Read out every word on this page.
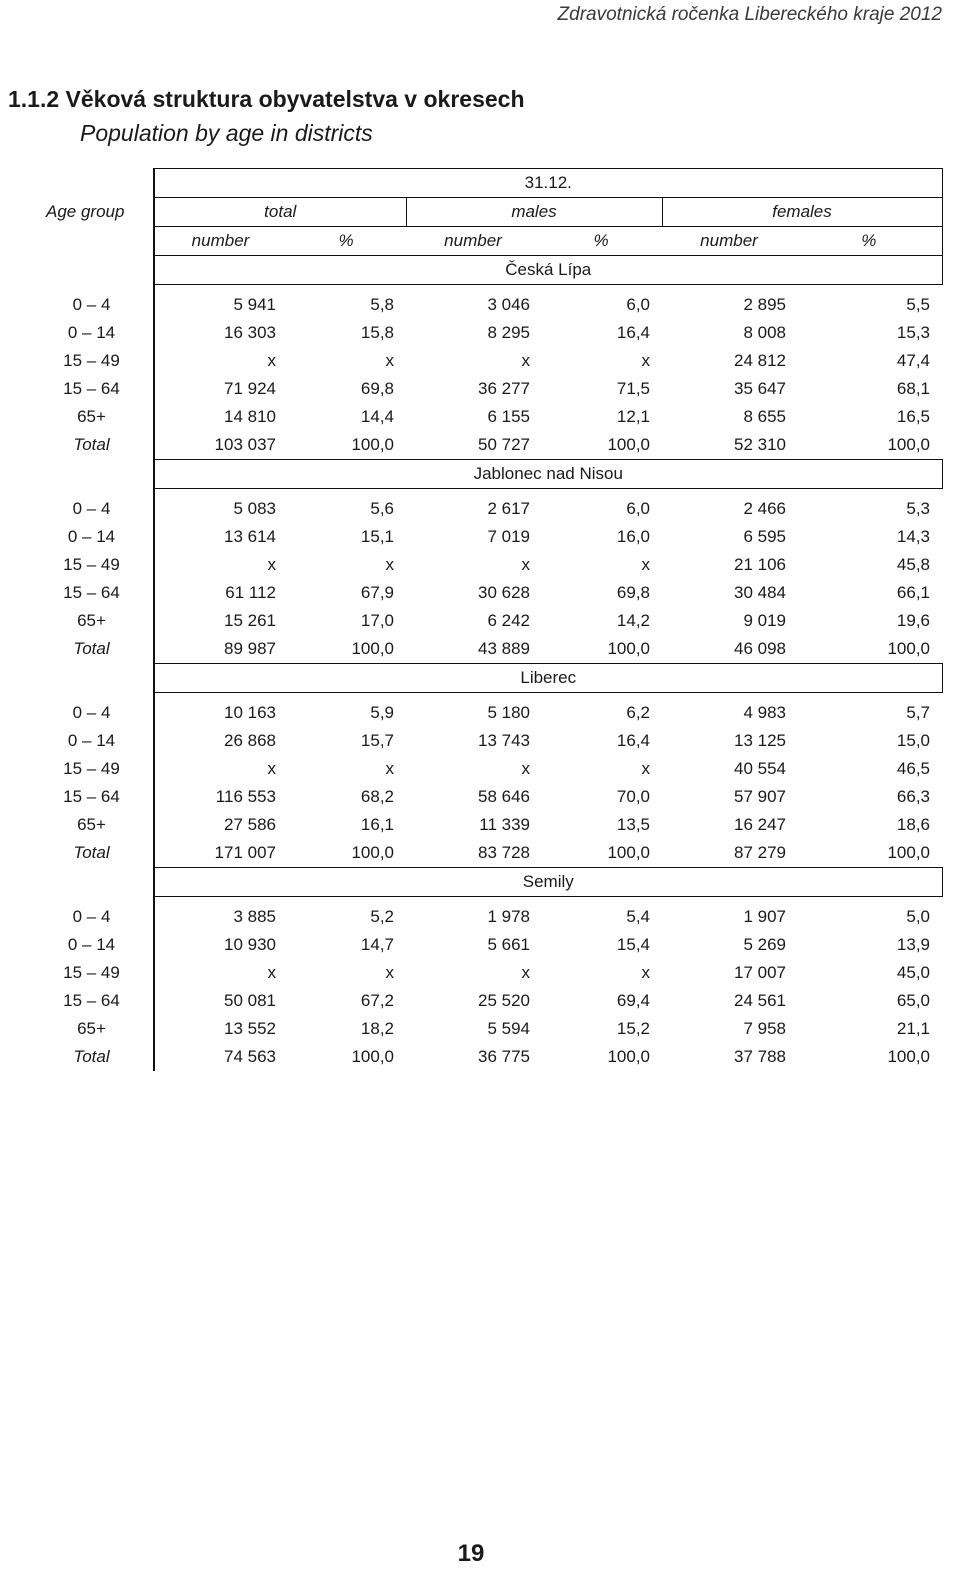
Zdravotnická ročenka Libereckého kraje 2012
1.1.2 Věková struktura obyvatelstva v okresech
Population by age in districts
	31.12.					
Age group	total		males		females	
	number	%	number	%	number	%
	Česká Lípa					

0 – 4	5 941	5,8	3 046	6,0	2 895	5,5
0 – 14	16 303	15,8	8 295	16,4	8 008	15,3
15 – 49	x	x	x	x	24 812	47,4
15 – 64	71 924	69,8	36 277	71,5	35 647	68,1
65+	14 810	14,4	6 155	12,1	8 655	16,5
Total	103 037	100,0	50 727	100,0	52 310	100,0
	Jablonec nad Nisou					

0 – 4	5 083	5,6	2 617	6,0	2 466	5,3
0 – 14	13 614	15,1	7 019	16,0	6 595	14,3
15 – 49	x	x	x	x	21 106	45,8
15 – 64	61 112	67,9	30 628	69,8	30 484	66,1
65+	15 261	17,0	6 242	14,2	9 019	19,6
Total	89 987	100,0	43 889	100,0	46 098	100,0
	Liberec					

0 – 4	10 163	5,9	5 180	6,2	4 983	5,7
0 – 14	26 868	15,7	13 743	16,4	13 125	15,0
15 – 49	x	x	x	x	40 554	46,5
15 – 64	116 553	68,2	58 646	70,0	57 907	66,3
65+	27 586	16,1	11 339	13,5	16 247	18,6
Total	171 007	100,0	83 728	100,0	87 279	100,0
	Semily					

0 – 4	3 885	5,2	1 978	5,4	1 907	5,0
0 – 14	10 930	14,7	5 661	15,4	5 269	13,9
15 – 49	x	x	x	x	17 007	45,0
15 – 64	50 081	67,2	25 520	69,4	24 561	65,0
65+	13 552	18,2	5 594	15,2	7 958	21,1
Total	74 563	100,0	36 775	100,0	37 788	100,0
19
